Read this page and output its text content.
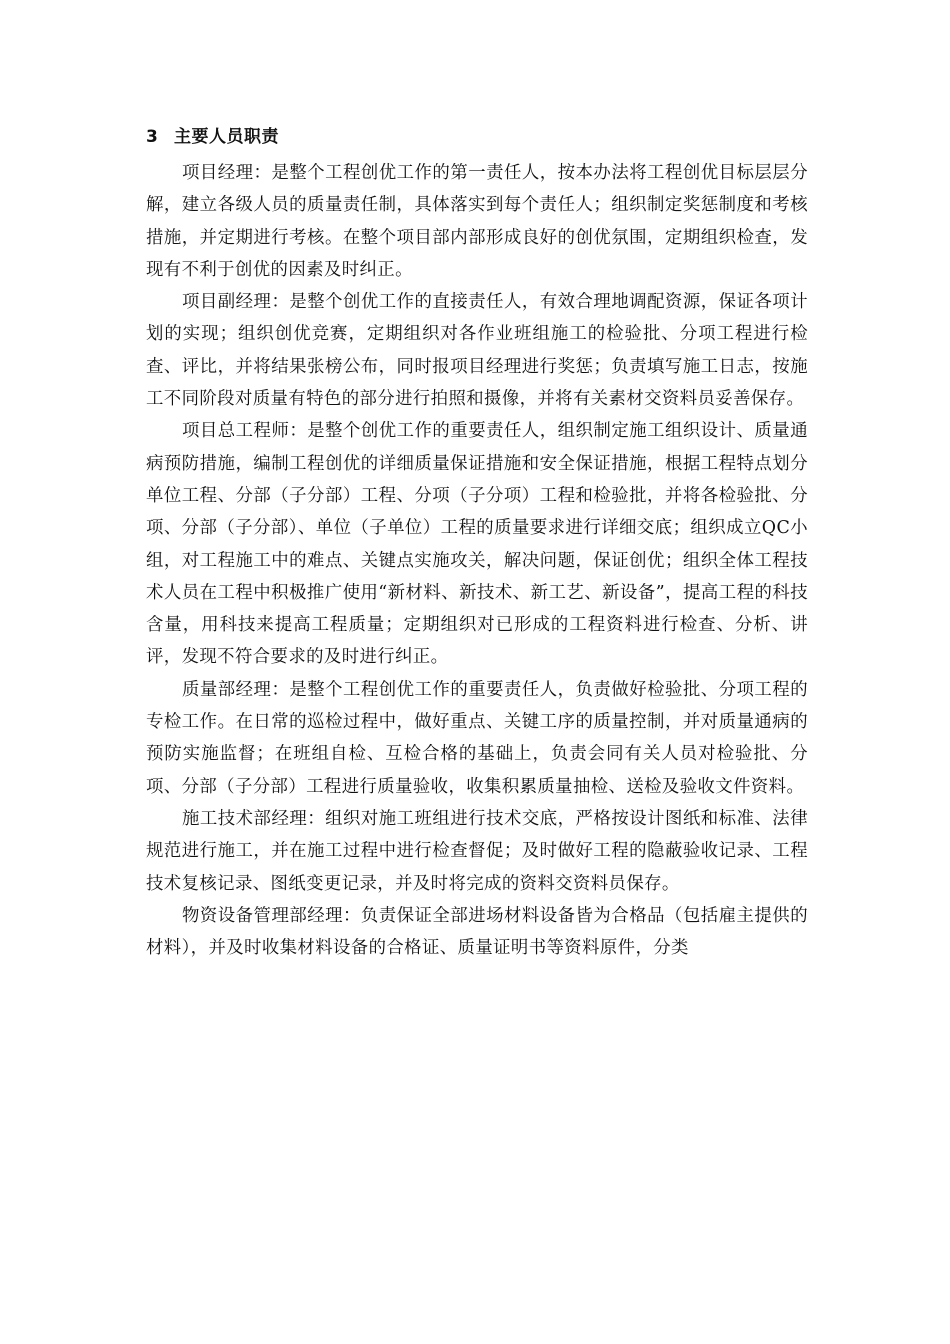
3 主要人员职责

项目经理：是整个工程创优工作的第一责任人，按本办法将工程创优目标层层分解，建立各级人员的质量责任制，具体落实到每个责任人；组织制定奖惩制度和考核措施，并定期进行考核。在整个项目部内部形成良好的创优氛围，定期组织检查，发现有不利于创优的因素及时纠正。

项目副经理：是整个创优工作的直接责任人，有效合理地调配资源，保证各项计划的实现；组织创优竞赛，定期组织对各作业班组施工的检验批、分项工程进行检查、评比，并将结果张榜公布，同时报项目经理进行奖惩；负责填写施工日志，按施工不同阶段对质量有特色的部分进行拍照和摄像，并将有关素材交资料员妥善保存。

项目总工程师：是整个创优工作的重要责任人，组织制定施工组织设计、质量通病预防措施，编制工程创优的详细质量保证措施和安全保证措施，根据工程特点划分单位工程、分部（子分部）工程、分项（子分项）工程和检验批，并将各检验批、分项、分部（子分部）、单位（子单位）工程的质量要求进行详细交底；组织成立QC小组，对工程施工中的难点、关键点实施攻关，解决问题，保证创优；组织全体工程技术人员在工程中积极推广使用“新材料、新技术、新工艺、新设备”，提高工程的科技含量，用科技来提高工程质量；定期组织对已形成的工程资料进行检查、分析、讲评，发现不符合要求的及时进行纠正。

质量部经理：是整个工程创优工作的重要责任人，负责做好检验批、分项工程的专检工作。在日常的巡检过程中，做好重点、关键工序的质量控制，并对质量通病的预防实施监督；在班组自检、互检合格的基础上，负责会同有关人员对检验批、分项、分部（子分部）工程进行质量验收，收集积累质量抽检、送检及验收文件资料。

施工技术部经理：组织对施工班组进行技术交底，严格按设计图纸和标准、法律规范进行施工，并在施工过程中进行检查督促；及时做好工程的隐蔽验收记录、工程技术复核记录、图纸变更记录，并及时将完成的资料交资料员保存。

物资设备管理部经理：负责保证全部进场材料设备皆为合格品（包括雇主提供的材料），并及时收集材料设备的合格证、质量证明书等资料原件，分类
